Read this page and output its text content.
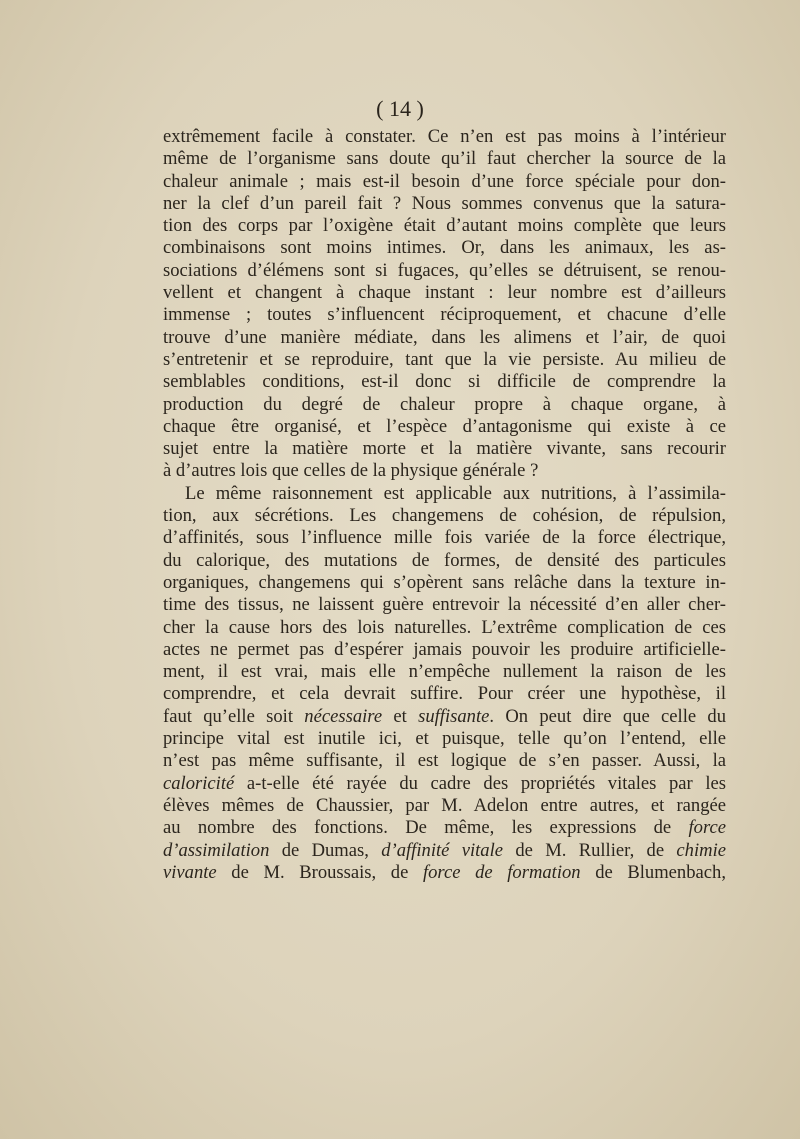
( 14 )

extrêmement facile à constater. Ce n’en est pas moins à l’intérieur
même de l’organisme sans doute qu’il faut chercher la source de la
chaleur animale ; mais est-il besoin d’une force spéciale pour don-
ner la clef d’un pareil fait ? Nous sommes convenus que la satura-
tion des corps par l’oxigène était d’autant moins complète que leurs
combinaisons sont moins intimes. Or, dans les animaux, les as-
sociations d’élémens sont si fugaces, qu’elles se détruisent, se renou-
vellent et changent à chaque instant : leur nombre est d’ailleurs
immense ; toutes s’influencent réciproquement, et chacune d’elle
trouve d’une manière médiate, dans les alimens et l’air, de quoi
s’entretenir et se reproduire, tant que la vie persiste. Au milieu de
semblables conditions, est-il donc si difficile de comprendre la
production du degré de chaleur propre à chaque organe, à
chaque être organisé, et l’espèce d’antagonisme qui existe à ce
sujet entre la matière morte et la matière vivante, sans recourir
à d’autres lois que celles de la physique générale ?
Le même raisonnement est applicable aux nutritions, à l’assimila-
tion, aux sécrétions. Les changemens de cohésion, de répulsion,
d’affinités, sous l’influence mille fois variée de la force électrique,
du calorique, des mutations de formes, de densité des particules
organiques, changemens qui s’opèrent sans relâche dans la texture in-
time des tissus, ne laissent guère entrevoir la nécessité d’en aller cher-
cher la cause hors des lois naturelles. L’extrême complication de ces
actes ne permet pas d’espérer jamais pouvoir les produire artificielle-
ment, il est vrai, mais elle n’empêche nullement la raison de les
comprendre, et cela devrait suffire. Pour créer une hypothèse, il
faut qu’elle soit nécessaire et suffisante. On peut dire que celle du
principe vital est inutile ici, et puisque, telle qu’on l’entend, elle
n’est pas même suffisante, il est logique de s’en passer. Aussi, la
caloricité a-t-elle été rayée du cadre des propriétés vitales par les
élèves mêmes de Chaussier, par M. Adelon entre autres, et rangée
au nombre des fonctions. De même, les expressions de force
d’assimilation de Dumas, d’affinité vitale de M. Rullier, de chimie
vivante de M. Broussais, de force de formation de Blumenbach,
